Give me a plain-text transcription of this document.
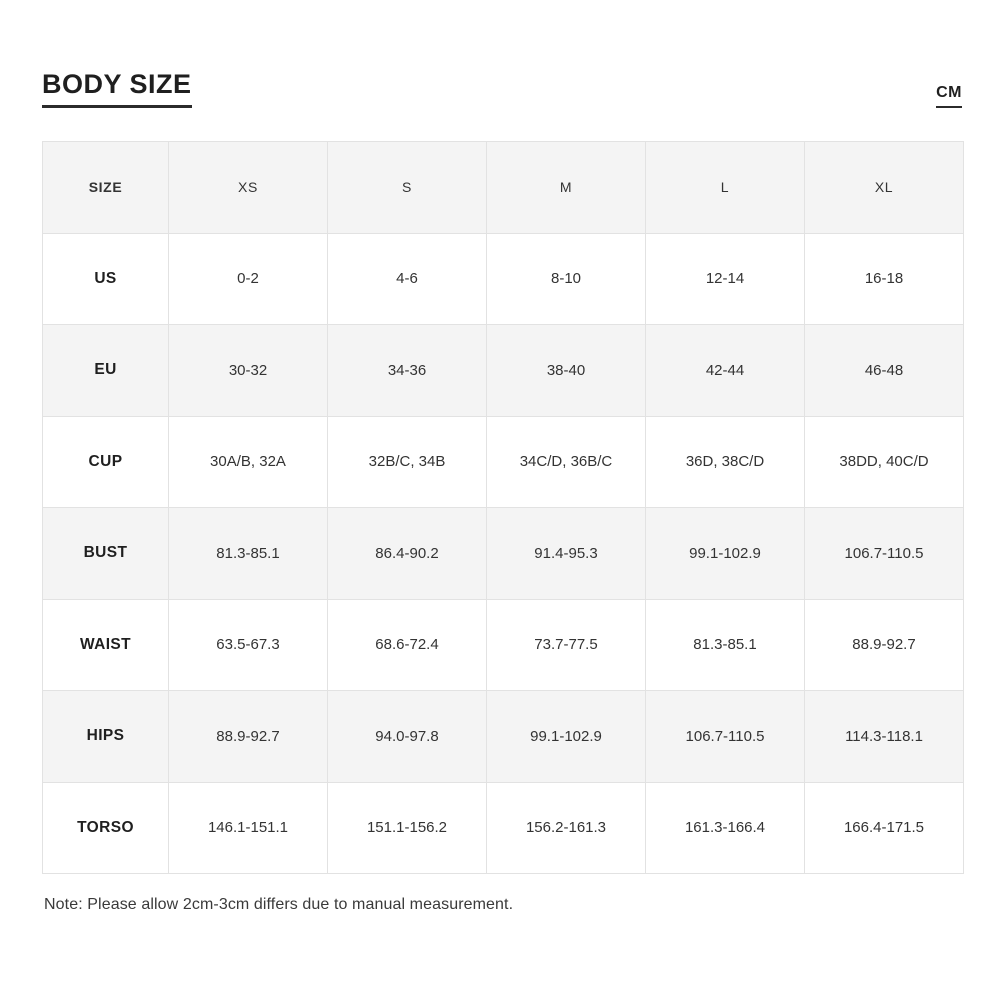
BODY SIZE	CM
SIZE	XS	S	M	L	XL
US	0-2	4-6	8-10	12-14	16-18
EU	30-32	34-36	38-40	42-44	46-48
CUP	30A/B, 32A	32B/C, 34B	34C/D, 36B/C	36D, 38C/D	38DD, 40C/D
BUST	81.3-85.1	86.4-90.2	91.4-95.3	99.1-102.9	106.7-110.5
WAIST	63.5-67.3	68.6-72.4	73.7-77.5	81.3-85.1	88.9-92.7
HIPS	88.9-92.7	94.0-97.8	99.1-102.9	106.7-110.5	114.3-118.1
TORSO	146.1-151.1	151.1-156.2	156.2-161.3	161.3-166.4	166.4-171.5
Note: Please allow 2cm-3cm differs due to manual measurement.
